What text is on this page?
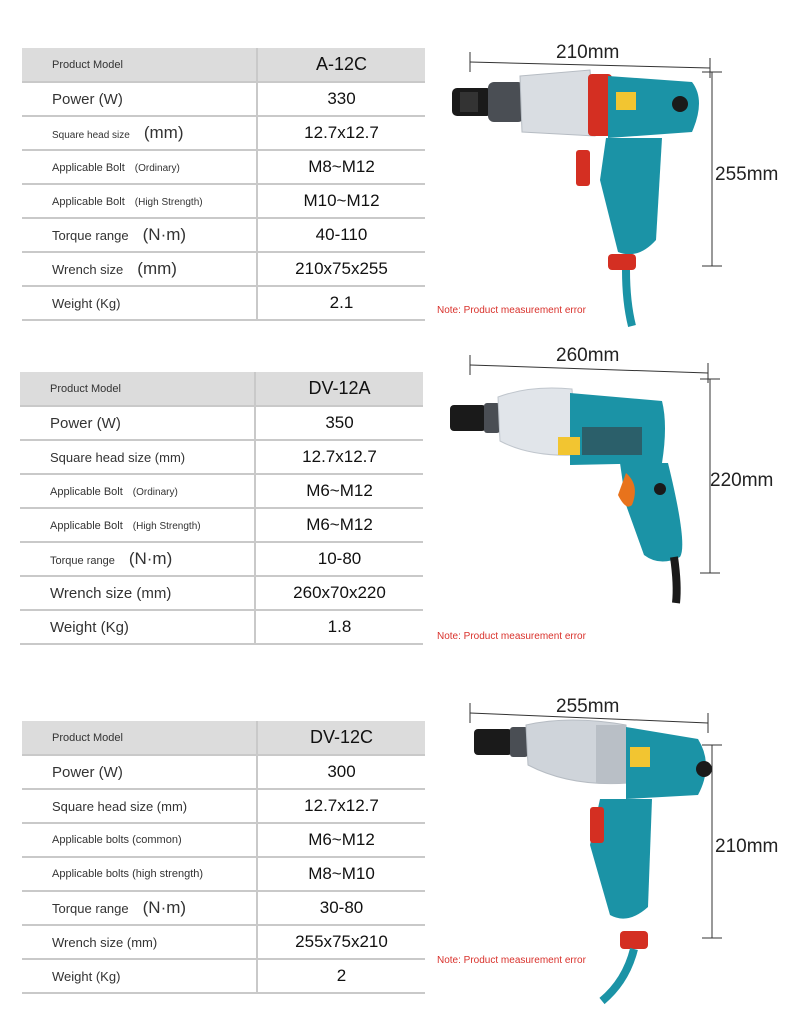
Product Model	A-12C
Power (W)	330
Square head size (mm)	12.7x12.7
Applicable Bolt (Ordinary)	M8~M12
Applicable Bolt (High Strength)	M10~M12
Torque range (N·m)	40-110
Wrench size (mm)	210x75x255
Weight (Kg)	2.1
210mm
255mm
Note: Product measurement error
Product Model	DV-12A
Power (W)	350
Square head size (mm)	12.7x12.7
Applicable Bolt (Ordinary)	M6~M12
Applicable Bolt (High Strength)	M6~M12
Torque range (N·m)	10-80
Wrench size (mm)	260x70x220
Weight (Kg)	1.8
260mm
220mm
Note: Product measurement error
Product Model	DV-12C
Power (W)	300
Square head size (mm)	12.7x12.7
Applicable bolts (common)	M6~M12
Applicable bolts (high strength)	M8~M10
Torque range (N·m)	30-80
Wrench size (mm)	255x75x210
Weight (Kg)	2
255mm
210mm
Note: Product measurement error
